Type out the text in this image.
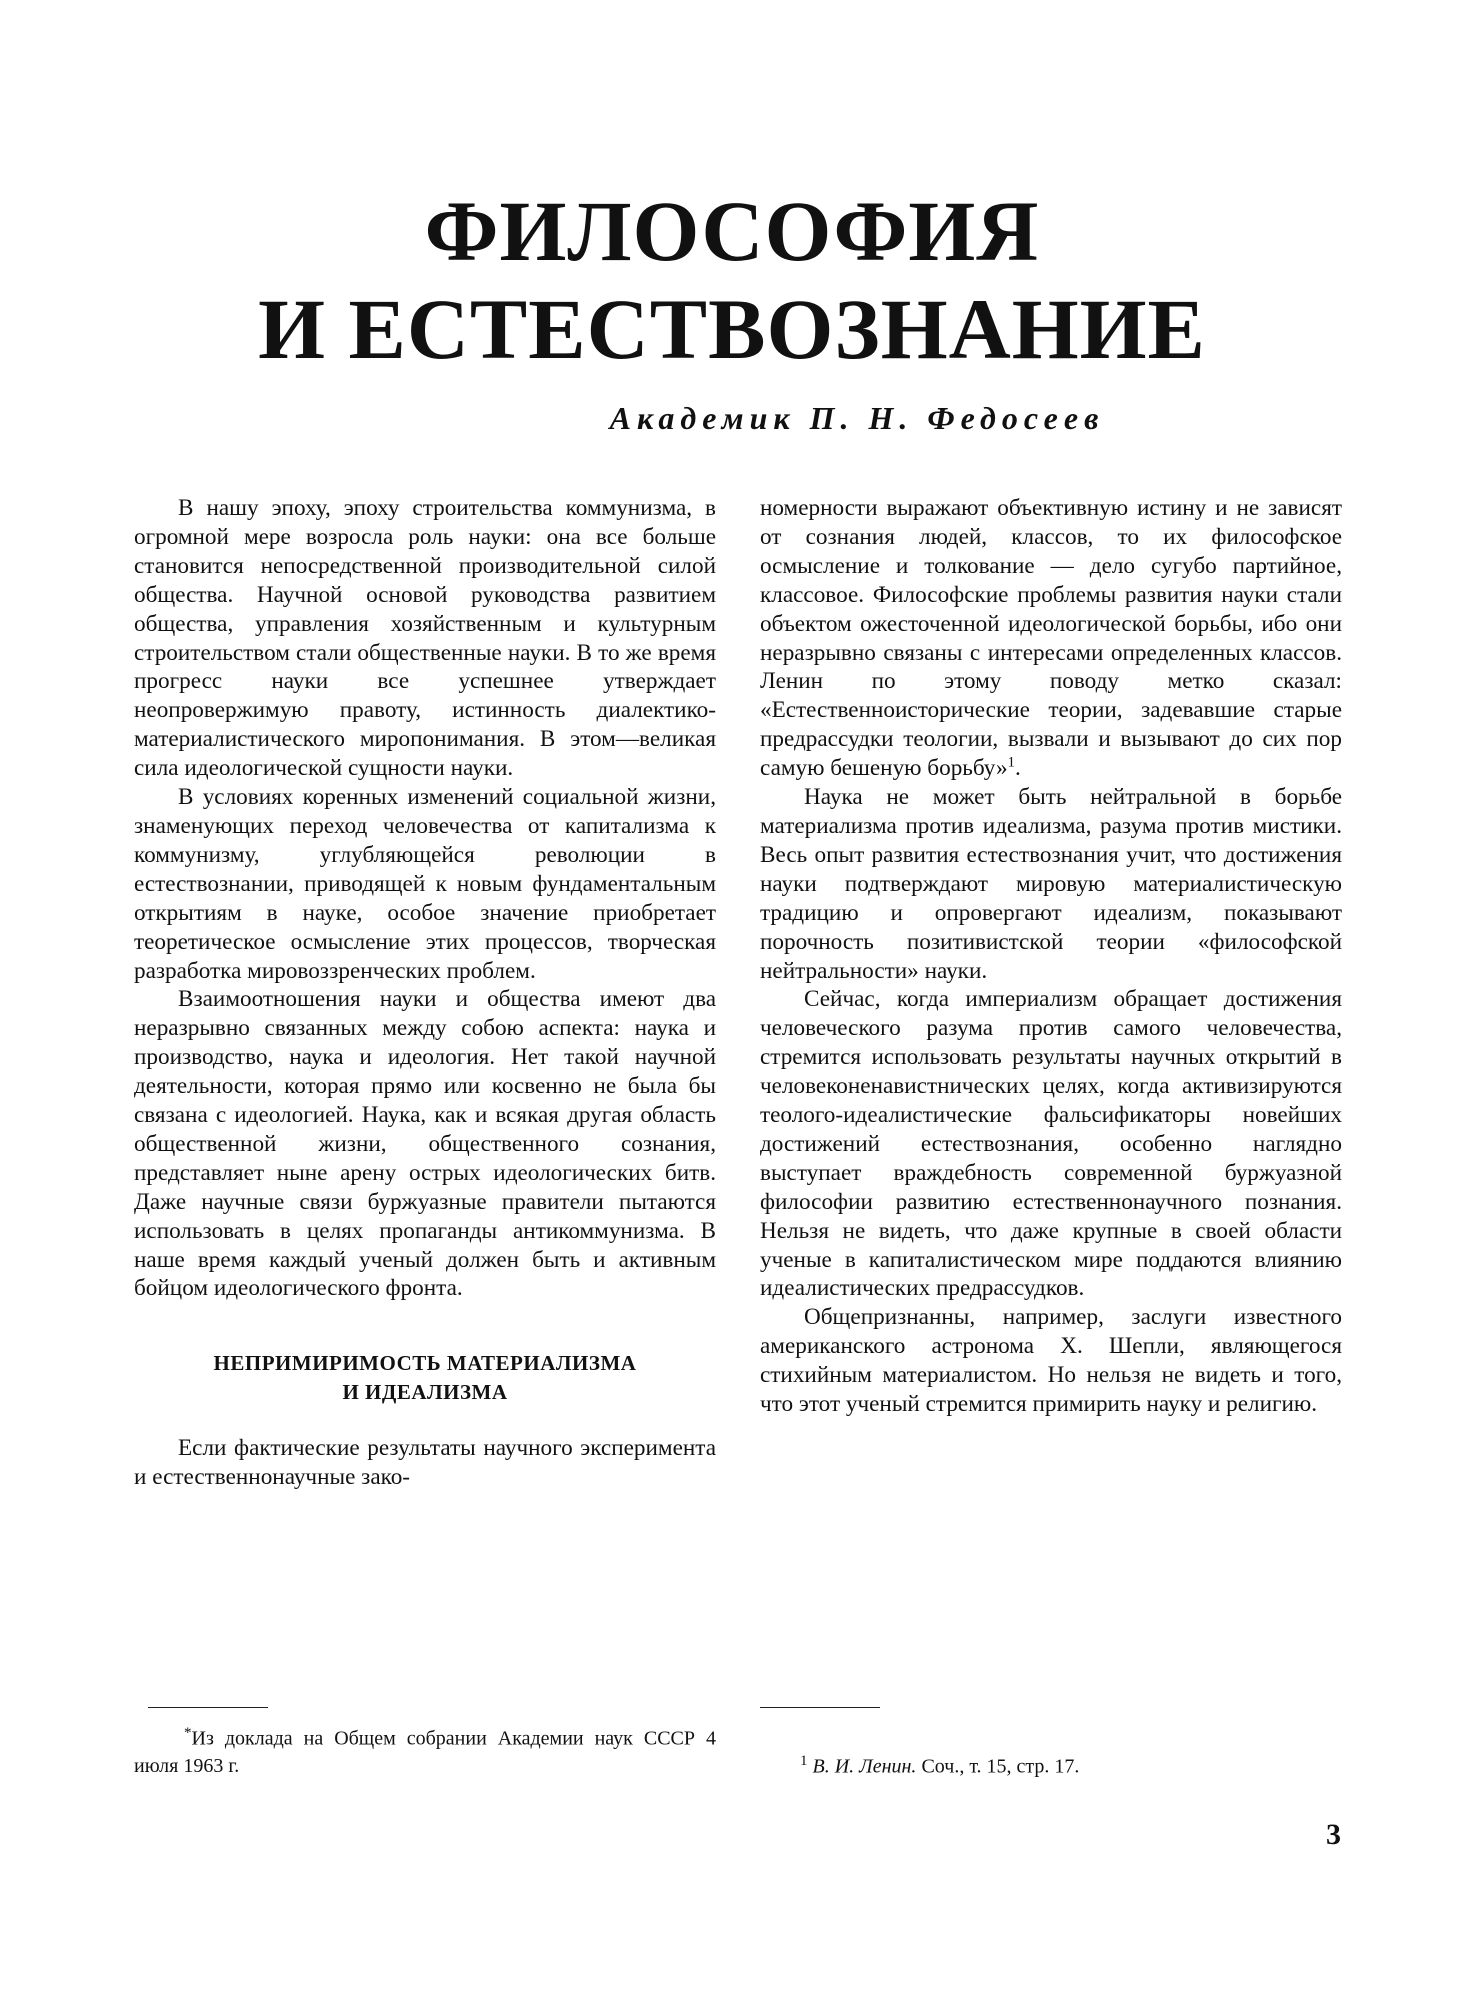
ФИЛОСОФИЯ
И ЕСТЕСТВОЗНАНИЕ
Академик П. Н. Федосеев

В нашу эпоху, эпоху строительства коммунизма, в огромной мере возросла роль науки: она все больше становится непосредственной производительной силой общества. Научной основой руководства развитием общества, управления хозяйственным и культурным строительством стали общественные науки. В то же время прогресс науки все успешнее утверждает неопровержимую правоту, истинность диалектико-материалистического миропонимания. В этом—великая сила идеологической сущности науки.

В условиях коренных изменений социальной жизни, знаменующих переход человечества от капитализма к коммунизму, углубляющейся революции в естествознании, приводящей к новым фундаментальным открытиям в науке, особое значение приобретает теоретическое осмысление этих процессов, творческая разработка мировоззренческих проблем.

Взаимоотношения науки и общества имеют два неразрывно связанных между собою аспекта: наука и производство, наука и идеология. Нет такой научной деятельности, которая прямо или косвенно не была бы связана с идеологией. Наука, как и всякая другая область общественной жизни, общественного сознания, представляет ныне арену острых идеологических битв. Даже научные связи буржуазные правители пытаются использовать в целях пропаганды антикоммунизма. В наше время каждый ученый должен быть и активным бойцом идеологического фронта.

НЕПРИМИРИМОСТЬ МАТЕРИАЛИЗМА
И ИДЕАЛИЗМА

Если фактические результаты научного эксперимента и естественнонаучные зако-

номерности выражают объективную истину и не зависят от сознания людей, классов, то их философское осмысление и толкование — дело сугубо партийное, классовое. Философские проблемы развития науки стали объектом ожесточенной идеологической борьбы, ибо они неразрывно связаны с интересами определенных классов. Ленин по этому поводу метко сказал: «Естественноисторические теории, задевавшие старые предрассудки теологии, вызвали и вызывают до сих пор самую бешеную борьбу»$^1$.

Наука не может быть нейтральной в борьбе материализма против идеализма, разума против мистики. Весь опыт развития естествознания учит, что достижения науки подтверждают мировую материалистическую традицию и опровергают идеализм, показывают порочность позитивистской теории «философской нейтральности» науки.

Сейчас, когда империализм обращает достижения человеческого разума против самого человечества, стремится использовать результаты научных открытий в человеконенавистнических целях, когда активизируются теолого-идеалистические фальсификаторы новейших достижений естествознания, особенно наглядно выступает враждебность современной буржуазной философии развитию естественнонаучного познания. Нельзя не видеть, что даже крупные в своей области ученые в капиталистическом мире поддаются влиянию идеалистических предрассудков.

Общепризнанны, например, заслуги известного американского астронома Х. Шепли, являющегося стихийным материалистом. Но нельзя не видеть и того, что этот ученый стремится примирить науку и религию.

*Из доклада на Общем собрании Академии наук СССР 4 июля 1963 г.	$^1$ В. И. Ленин. Соч., т. 15, стр. 17.

3
